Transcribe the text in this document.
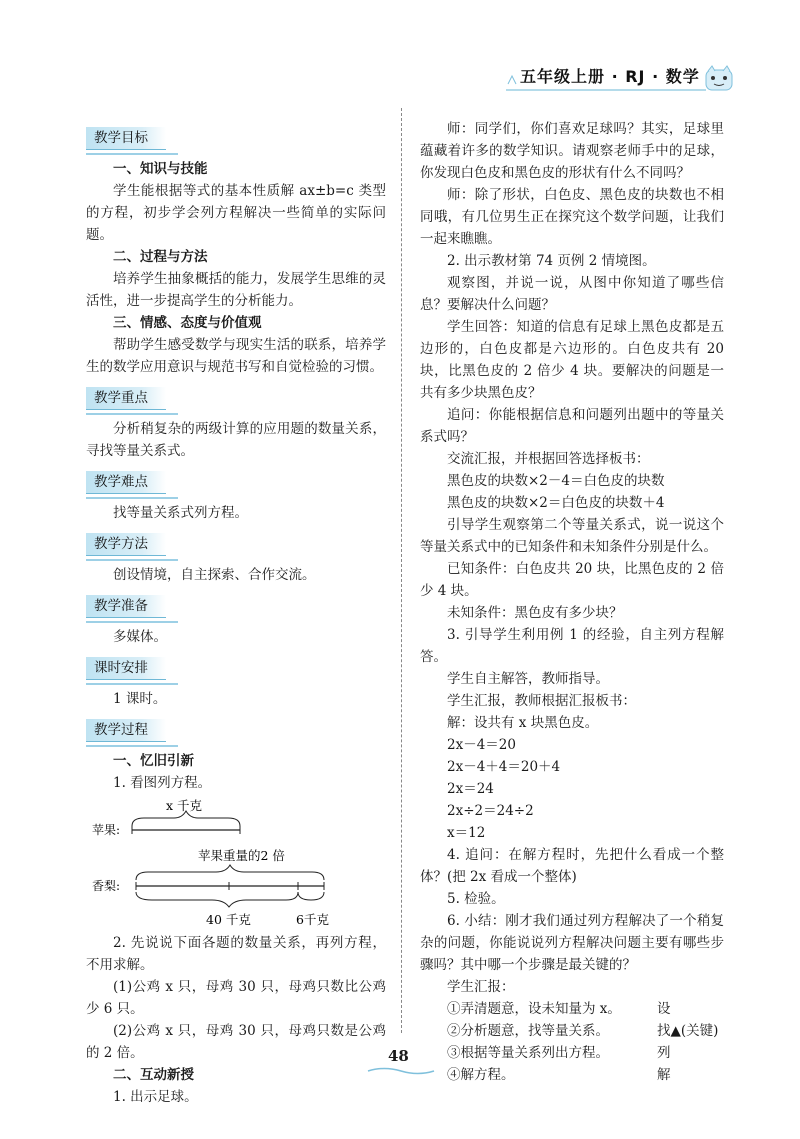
五年级上册 · RJ · 数学
教学目标
一、知识与技能
学生能根据等式的基本性质解 ax±b=c 类型的方程，初步学会列方程解决一些简单的实际问题。
二、过程与方法
培养学生抽象概括的能力，发展学生思维的灵活性，进一步提高学生的分析能力。
三、情感、态度与价值观
帮助学生感受数学与现实生活的联系，培养学生的数学应用意识与规范书写和自觉检验的习惯。
教学重点
分析稍复杂的两级计算的应用题的数量关系，寻找等量关系式。
教学难点
找等量关系式列方程。
教学方法
创设情境，自主探索、合作交流。
教学准备
多媒体。
课时安排
1 课时。
教学过程
一、忆旧引新
1. 看图列方程。
苹果:
x 千克
苹果重量的2 倍
香梨:
40 千克	6千克
2. 先说说下面各题的数量关系，再列方程，不用求解。
(1)公鸡 x 只，母鸡 30 只，母鸡只数比公鸡少 6 只。
(2)公鸡 x 只，母鸡 30 只，母鸡只数是公鸡的 2 倍。
二、互动新授
1. 出示足球。
师：同学们，你们喜欢足球吗？其实，足球里蕴藏着许多的数学知识。请观察老师手中的足球，你发现白色皮和黑色皮的形状有什么不同吗？
师：除了形状，白色皮、黑色皮的块数也不相同哦，有几位男生正在探究这个数学问题，让我们一起来瞧瞧。
2. 出示教材第 74 页例 2 情境图。
观察图，并说一说，从图中你知道了哪些信息？要解决什么问题？
学生回答：知道的信息有足球上黑色皮都是五边形的，白色皮都是六边形的。白色皮共有 20 块，比黑色皮的 2 倍少 4 块。要解决的问题是一共有多少块黑色皮？
追问：你能根据信息和问题列出题中的等量关系式吗？
交流汇报，并根据回答选择板书：
黑色皮的块数×2－4＝白色皮的块数
黑色皮的块数×2＝白色皮的块数＋4
引导学生观察第二个等量关系式，说一说这个等量关系式中的已知条件和未知条件分别是什么。
已知条件：白色皮共 20 块，比黑色皮的 2 倍少 4 块。
未知条件：黑色皮有多少块？
3. 引导学生利用例 1 的经验，自主列方程解答。
学生自主解答，教师指导。
学生汇报，教师根据汇报板书：
解：设共有 x 块黑色皮。
2x－4＝20
2x－4＋4＝20＋4
2x＝24
2x÷2＝24÷2
x＝12
4. 追问：在解方程时，先把什么看成一个整体？(把 2x 看成一个整体)
5. 检验。
6. 小结：刚才我们通过列方程解决了一个稍复杂的问题，你能说说列方程解决问题主要有哪些步骤吗？其中哪一个步骤是最关键的？
学生汇报：
①弄清题意，设未知量为 x。	设
②分析题意，找等量关系。	找▲(关键)
③根据等量关系列出方程。	列
④解方程。	解
48
